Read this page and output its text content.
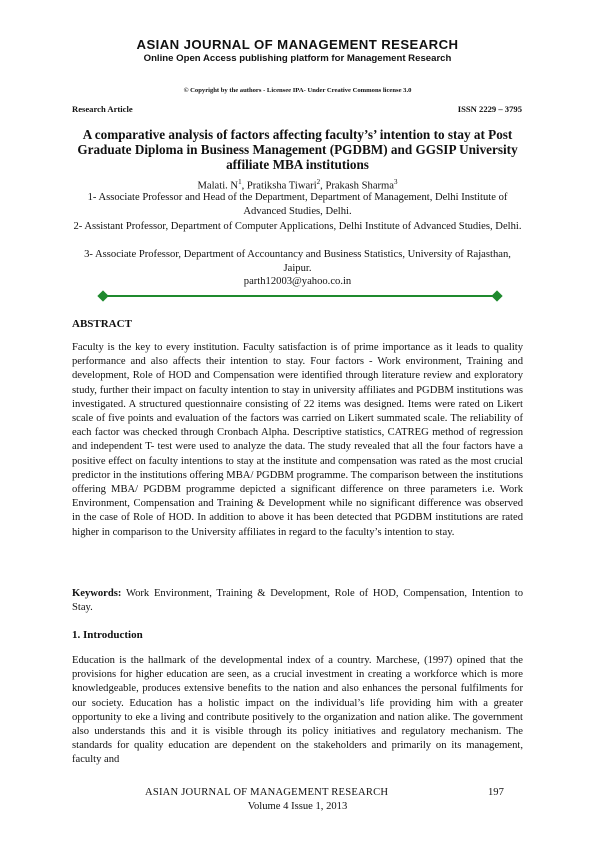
ASIAN JOURNAL OF MANAGEMENT RESEARCH
Online Open Access publishing platform for Management Research
© Copyright by the authors - Licensee IPA- Under Creative Commons license 3.0
Research Article	ISSN 2229 – 3795
A comparative analysis of factors affecting faculty’s’ intention to stay at Post Graduate Diploma in Business Management (PGDBM) and GGSIP University affiliate MBA institutions
Malati. $N^1$, Pratiksha Tiwari$^2$, Prakash Sharma$^3$
1- Associate Professor and Head of the Department, Department of Management, Delhi Institute of Advanced Studies, Delhi.
2- Assistant Professor, Department of Computer Applications, Delhi Institute of Advanced Studies, Delhi.
3- Associate Professor, Department of Accountancy and Business Statistics, University of Rajasthan, Jaipur.
parth12003@yahoo.co.in
ABSTRACT
Faculty is the key to every institution. Faculty satisfaction is of prime importance as it leads to quality performance and also affects their intention to stay. Four factors - Work environment, Training and development, Role of HOD and Compensation were identified through literature review and exploratory study, further their impact on faculty intention to stay in university affiliates and PGDBM institutions was investigated. A structured questionnaire consisting of 22 items was designed. Items were rated on Likert scale of five points and evaluation of the factors was carried on Likert summated scale. The reliability of each factor was checked through Cronbach Alpha. Descriptive statistics, CATREG method of regression and independent T- test were used to analyze the data. The study revealed that all the four factors have a positive effect on faculty intentions to stay at the institute and compensation was rated as the most crucial predictor in the institutions offering MBA/ PGDBM programme. The comparison between the institutions offering MBA/ PGDBM programme depicted a significant difference on three parameters i.e. Work Environment, Compensation and Training & Development while no significant difference was observed in the case of Role of HOD. In addition to above it has been detected that PGDBM institutions are rated higher in comparison to the University affiliates in regard to the faculty’s intention to stay.
Keywords: Work Environment, Training & Development, Role of HOD, Compensation, Intention to Stay.
1. Introduction
Education is the hallmark of the developmental index of a country. Marchese, (1997) opined that the provisions for higher education are seen, as a crucial investment in creating a workforce which is more knowledgeable, produces extensive benefits to the nation and also enhances the personal fulfilments for our society. Education has a holistic impact on the individual’s life providing him with a greater opportunity to eke a living and contribute positively to the organization and nation alike. The government also understands this and it is visible through its policy initiatives and regulatory mechanism. The standards for quality education are dependent on the stakeholders and primarily on its management, faculty and
ASIAN JOURNAL OF MANAGEMENT RESEARCH	197
Volume 4 Issue 1, 2013
